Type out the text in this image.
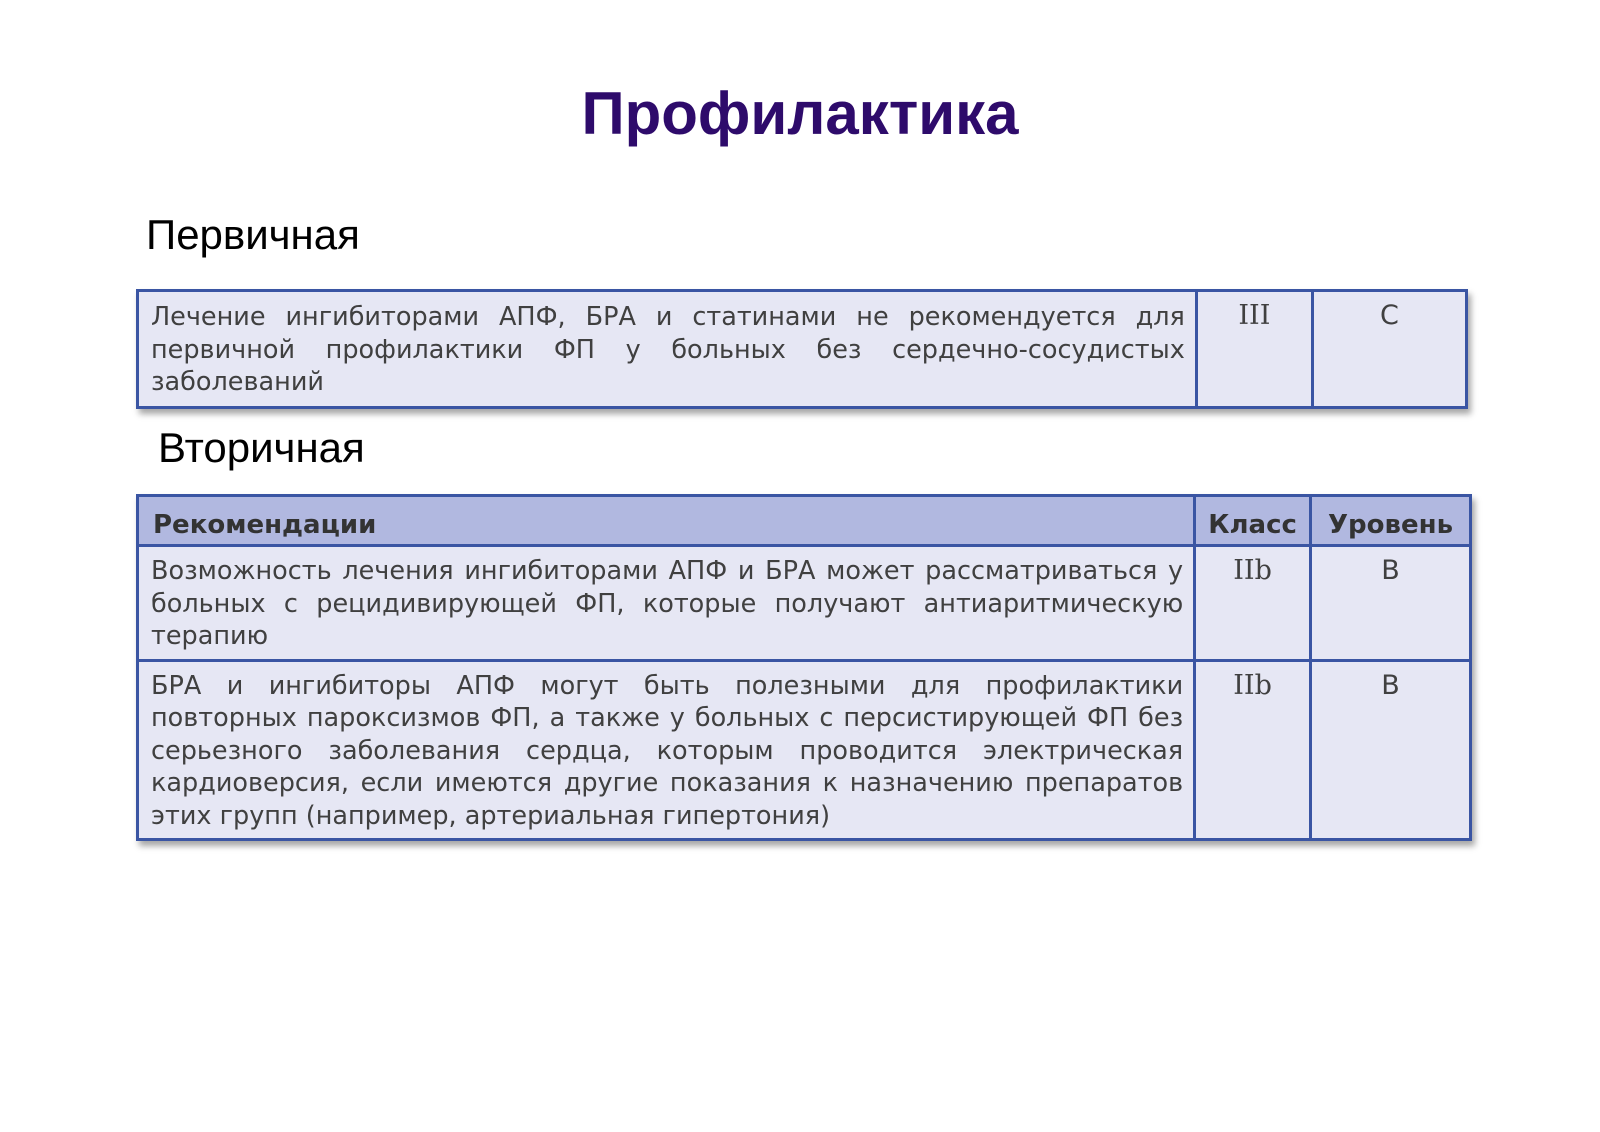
Профилактика
Первичная
Лечение ингибиторами АПФ, БРА и статинами не рекомендуется для первичной профилактики ФП у больных без сердечно-сосудистых заболеваний	III	C
Вторичная
Рекомендации	Класс	Уровень
Возможность лечения ингибиторами АПФ и БРА может рассматриваться у больных с рецидивирующей ФП, которые получают антиаритмическую терапию	IIb	B
БРА и ингибиторы АПФ могут быть полезными для профилактики повторных пароксизмов ФП, а также у больных с персистирующей ФП без серьезного заболевания сердца, которым проводится электрическая кардиоверсия, если имеются другие показания к назначению препаратов этих групп (например, артериальная гипертония)	IIb	B
